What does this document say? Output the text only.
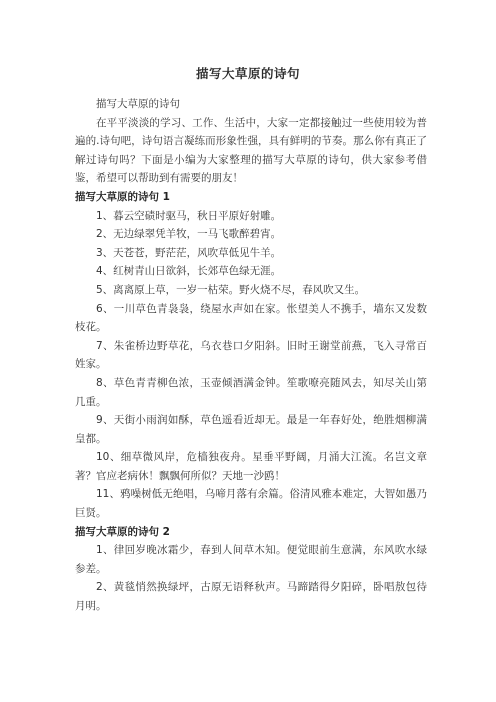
描写大草原的诗句

描写大草原的诗句

在平平淡淡的学习、工作、生活中，大家一定都接触过一些使用较为普遍的.诗句吧，诗句语言凝练而形象性强，具有鲜明的节奏。那么你有真正了解过诗句吗？下面是小编为大家整理的描写大草原的诗句，供大家参考借鉴，希望可以帮助到有需要的朋友！

描写大草原的诗句 1

1、暮云空碛时驱马，秋日平原好射雕。

2、无边绿翠凭羊牧，一马飞歌醉碧宵。

3、天苍苍，野茫茫，风吹草低见牛羊。

4、红树青山日欲斜，长郊草色绿无涯。

5、离离原上草，一岁一枯荣。野火烧不尽，春风吹又生。

6、一川草色青袅袅，绕屋水声如在家。怅望美人不携手，墙东又发数枝花。

7、朱雀桥边野草花，乌衣巷口夕阳斜。旧时王谢堂前燕，飞入寻常百姓家。

8、草色青青柳色浓，玉壶倾酒满金钟。笙歌嘹亮随风去，知尽关山第几重。

9、天街小雨润如酥，草色遥看近却无。最是一年春好处，绝胜烟柳满皇都。

10、细草微风岸，危樯独夜舟。星垂平野阔，月涌大江流。名岂文章著？官应老病休！飘飘何所似？天地一沙鸥！

11、鸦噪树低无绝唱，乌啼月落有余篇。俗清风雅本难定，大智如愚乃巨贤。

描写大草原的诗句 2

1、律回岁晚冰霜少，春到人间草木知。便觉眼前生意满，东风吹水绿参差。

2、黄毯悄然换绿坪，古原无语释秋声。马蹄踏得夕阳碎，卧唱敖包待月明。
